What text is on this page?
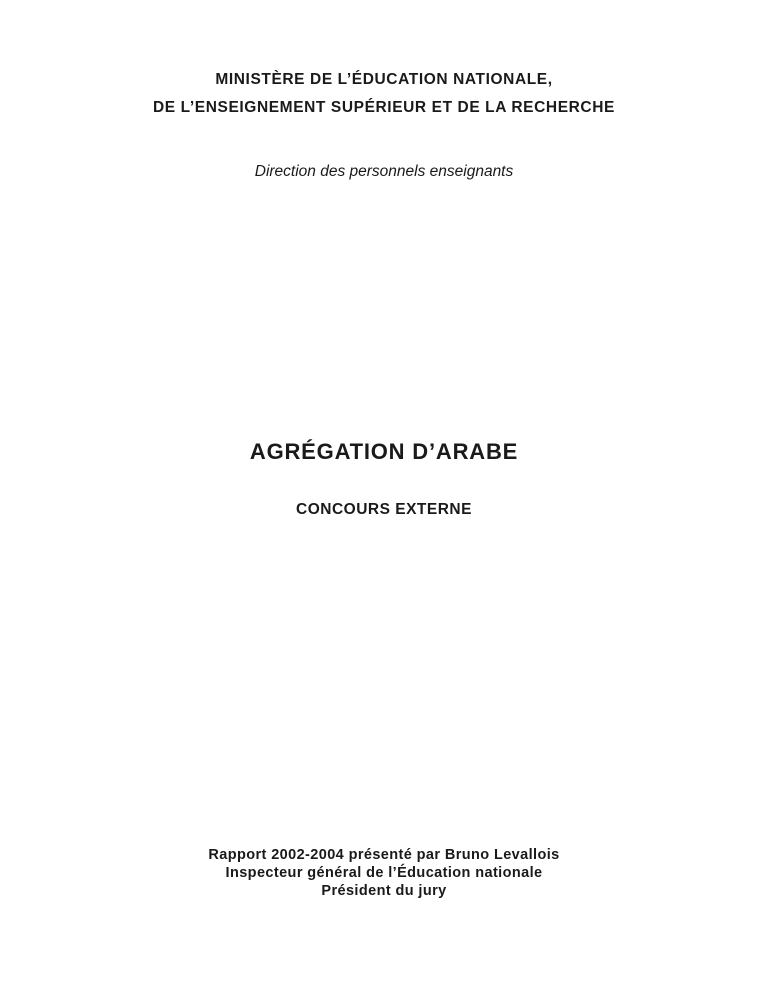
MINISTÈRE DE L’ÉDUCATION NATIONALE,
DE L’ENSEIGNEMENT SUPÉRIEUR ET DE LA RECHERCHE
Direction des personnels enseignants
AGRÉGATION D’ARABE
CONCOURS EXTERNE
Rapport 2002-2004 présenté par Bruno Levallois
Inspecteur général de l’Éducation nationale
Président du jury
